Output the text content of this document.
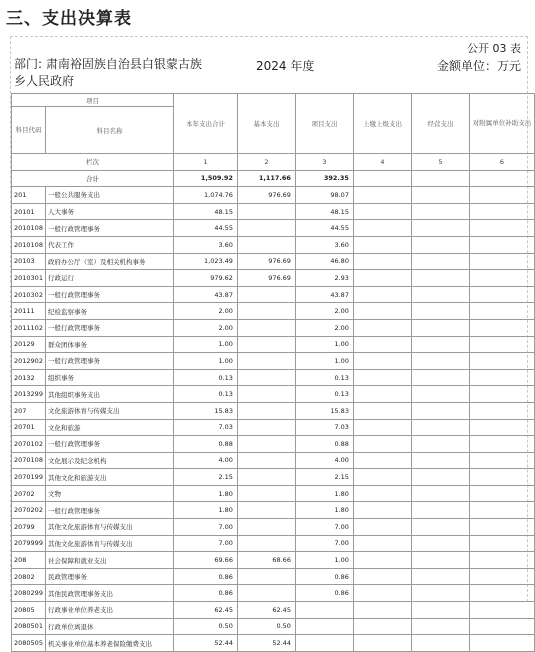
三、支出决算表
公开 03 表
部门: 肃南裕固族自治县白银蒙古族乡人民政府
2024 年度	金额单位：万元
项目		本年支出合计	基本支出	项目支出	上缴上级支出	经营支出	对附属单位补助支出
科目代码	科目名称						
栏次		1	2	3	4	5	6
合计		1,509.92	1,117.66	392.35			
201	一般公共服务支出	1,074.76	976.69	98.07			
20101	人大事务	48.15		48.15			
2010108	一般行政管理事务	44.55		44.55			
2010108	代表工作	3.60		3.60			
20103	政府办公厅（室）及相关机构事务	1,023.49	976.69	46.80			
2010301	行政运行	979.62	976.69	2.93			
2010302	一般行政管理事务	43.87		43.87			
20111	纪检监察事务	2.00		2.00			
2011102	一般行政管理事务	2.00		2.00			
20129	群众团体事务	1.00		1.00			
2012902	一般行政管理事务	1.00		1.00			
20132	组织事务	0.13		0.13			
2013299	其他组织事务支出	0.13		0.13			
207	文化旅游体育与传媒支出	15.83		15.83			
20701	文化和旅游	7.03		7.03			
2070102	一般行政管理事务	0.88		0.88			
2070108	文化展示及纪念机构	4.00		4.00			
2070199	其他文化和旅游支出	2.15		2.15			
20702	文物	1.80		1.80			
2070202	一般行政管理事务	1.80		1.80			
20799	其他文化旅游体育与传媒支出	7.00		7.00			
2079999	其他文化旅游体育与传媒支出	7.00		7.00			
208	社会保障和就业支出	69.66	68.66	1.00			
20802	民政管理事务	0.86		0.86			
2080299	其他民政管理事务支出	0.86		0.86			
20805	行政事业单位养老支出	62.45	62.45				
2080501	行政单位离退休	0.50	0.50				
2080505	机关事业单位基本养老保险缴费支出	52.44	52.44				
